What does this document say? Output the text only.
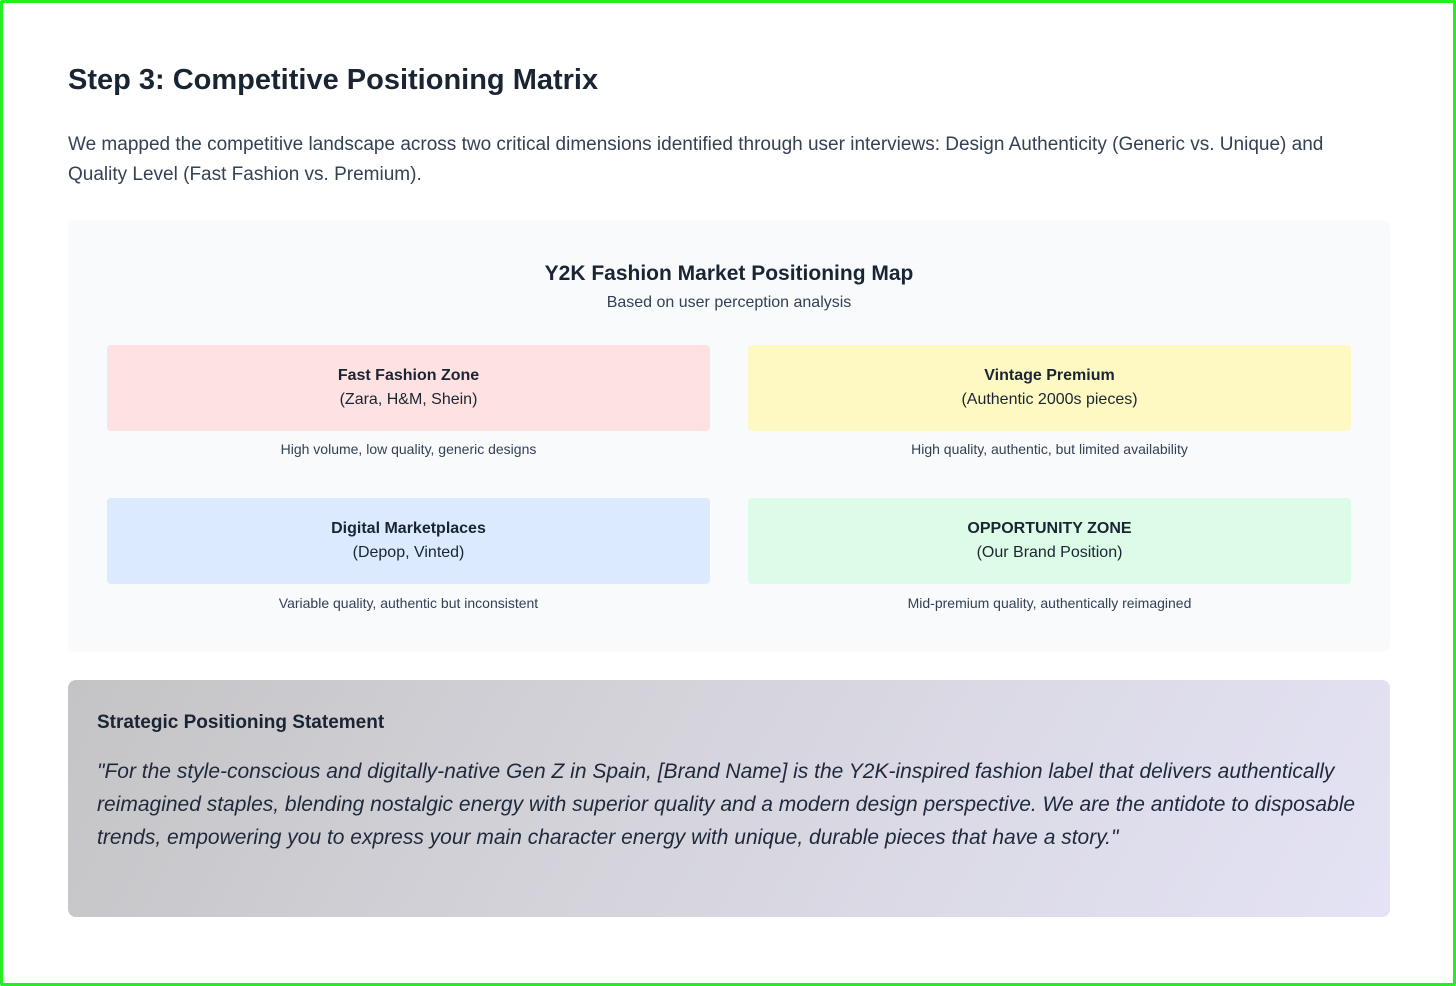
Step 3: Competitive Positioning Matrix

We mapped the competitive landscape across two critical dimensions identified through user interviews: Design Authenticity (Generic vs. Unique) and Quality Level (Fast Fashion vs. Premium).

Y2K Fashion Market Positioning Map

Based on user perception analysis

Fast Fashion Zone
(Zara, H&M, Shein)
High volume, low quality, generic designs
Vintage Premium
(Authentic 2000s pieces)
High quality, authentic, but limited availability
Digital Marketplaces
(Depop, Vinted)
Variable quality, authentic but inconsistent
OPPORTUNITY ZONE
(Our Brand Position)
Mid-premium quality, authentically reimagined
Strategic Positioning Statement

"For the style-conscious and digitally-native Gen Z in Spain, [Brand Name] is the Y2K-inspired fashion label that delivers authentically reimagined staples, blending nostalgic energy with superior quality and a modern design perspective. We are the antidote to disposable trends, empowering you to express your main character energy with unique, durable pieces that have a story."
